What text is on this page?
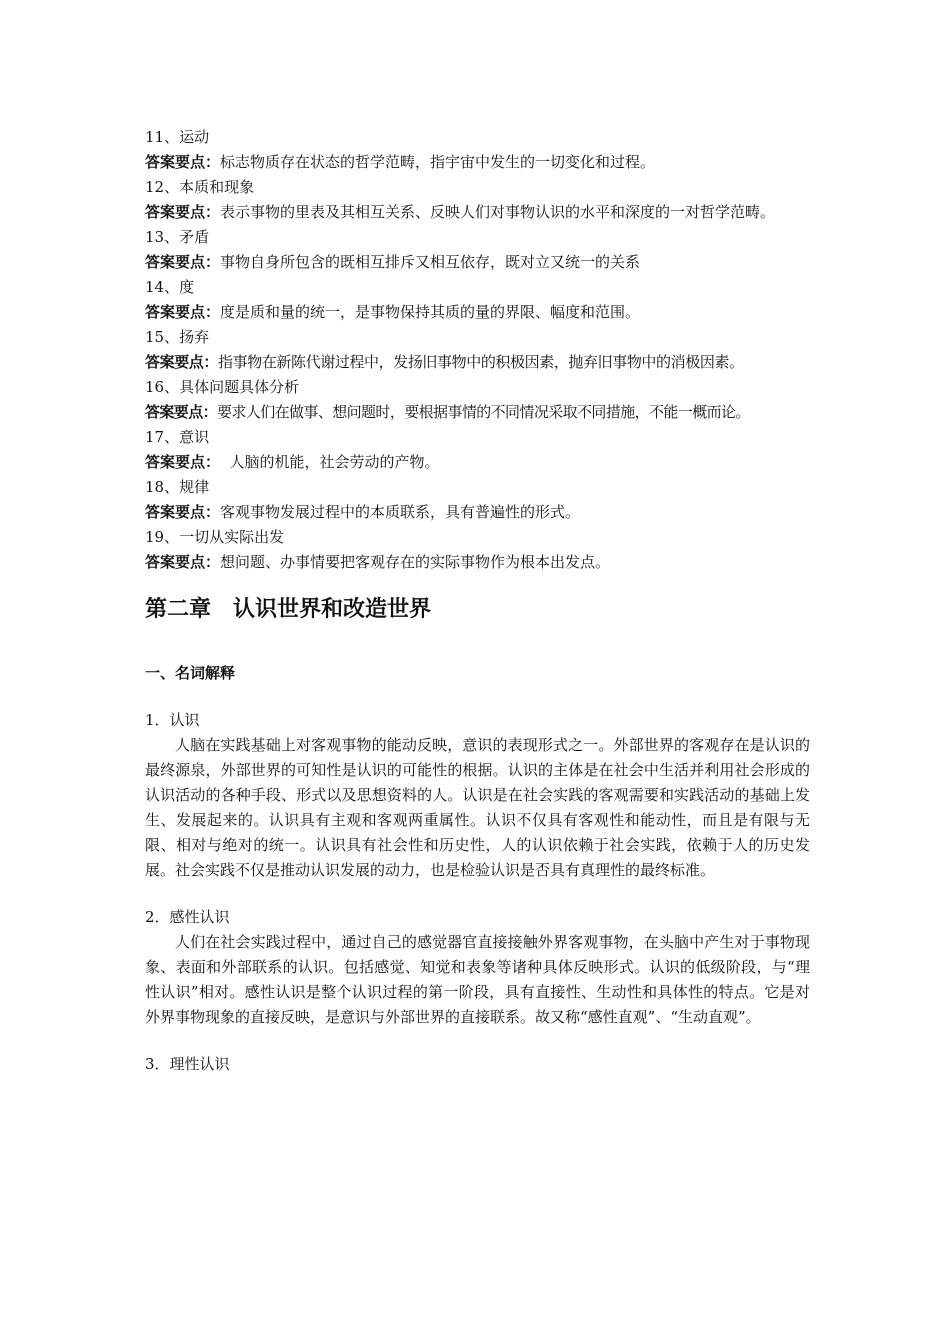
11、运动
答案要点：标志物质存在状态的哲学范畴，指宇宙中发生的一切变化和过程。
12、本质和现象
答案要点：表示事物的里表及其相互关系、反映人们对事物认识的水平和深度的一对哲学范畴。
13、矛盾
答案要点：事物自身所包含的既相互排斥又相互依存，既对立又统一的关系
14、度
答案要点：度是质和量的统一，是事物保持其质的量的界限、幅度和范围。
15、扬弃
答案要点：指事物在新陈代谢过程中，发扬旧事物中的积极因素，抛弃旧事物中的消极因素。
16、具体问题具体分析
答案要点：要求人们在做事、想问题时，要根据事情的不同情况采取不同措施，不能一概而论。
17、意识
答案要点：  人脑的机能，社会劳动的产物。
18、规律
答案要点：客观事物发展过程中的本质联系，具有普遍性的形式。
19、一切从实际出发
答案要点：想问题、办事情要把客观存在的实际事物作为根本出发点。
第二章　认识世界和改造世界
一、名词解释
1．认识

人脑在实践基础上对客观事物的能动反映，意识的表现形式之一。外部世界的客观存在是认识的最终源泉，外部世界的可知性是认识的可能性的根据。认识的主体是在社会中生活并利用社会形成的认识活动的各种手段、形式以及思想资料的人。认识是在社会实践的客观需要和实践活动的基础上发生、发展起来的。认识具有主观和客观两重属性。认识不仅具有客观性和能动性，而且是有限与无限、相对与绝对的统一。认识具有社会性和历史性，人的认识依赖于社会实践，依赖于人的历史发展。社会实践不仅是推动认识发展的动力，也是检验认识是否具有真理性的最终标准。

2．感性认识

人们在社会实践过程中，通过自己的感觉器官直接接触外界客观事物，在头脑中产生对于事物现象、表面和外部联系的认识。包括感觉、知觉和表象等诸种具体反映形式。认识的低级阶段，与“理性认识”相对。感性认识是整个认识过程的第一阶段，具有直接性、生动性和具体性的特点。它是对外界事物现象的直接反映，是意识与外部世界的直接联系。故又称“感性直观”、“生动直观”。

3．理性认识
